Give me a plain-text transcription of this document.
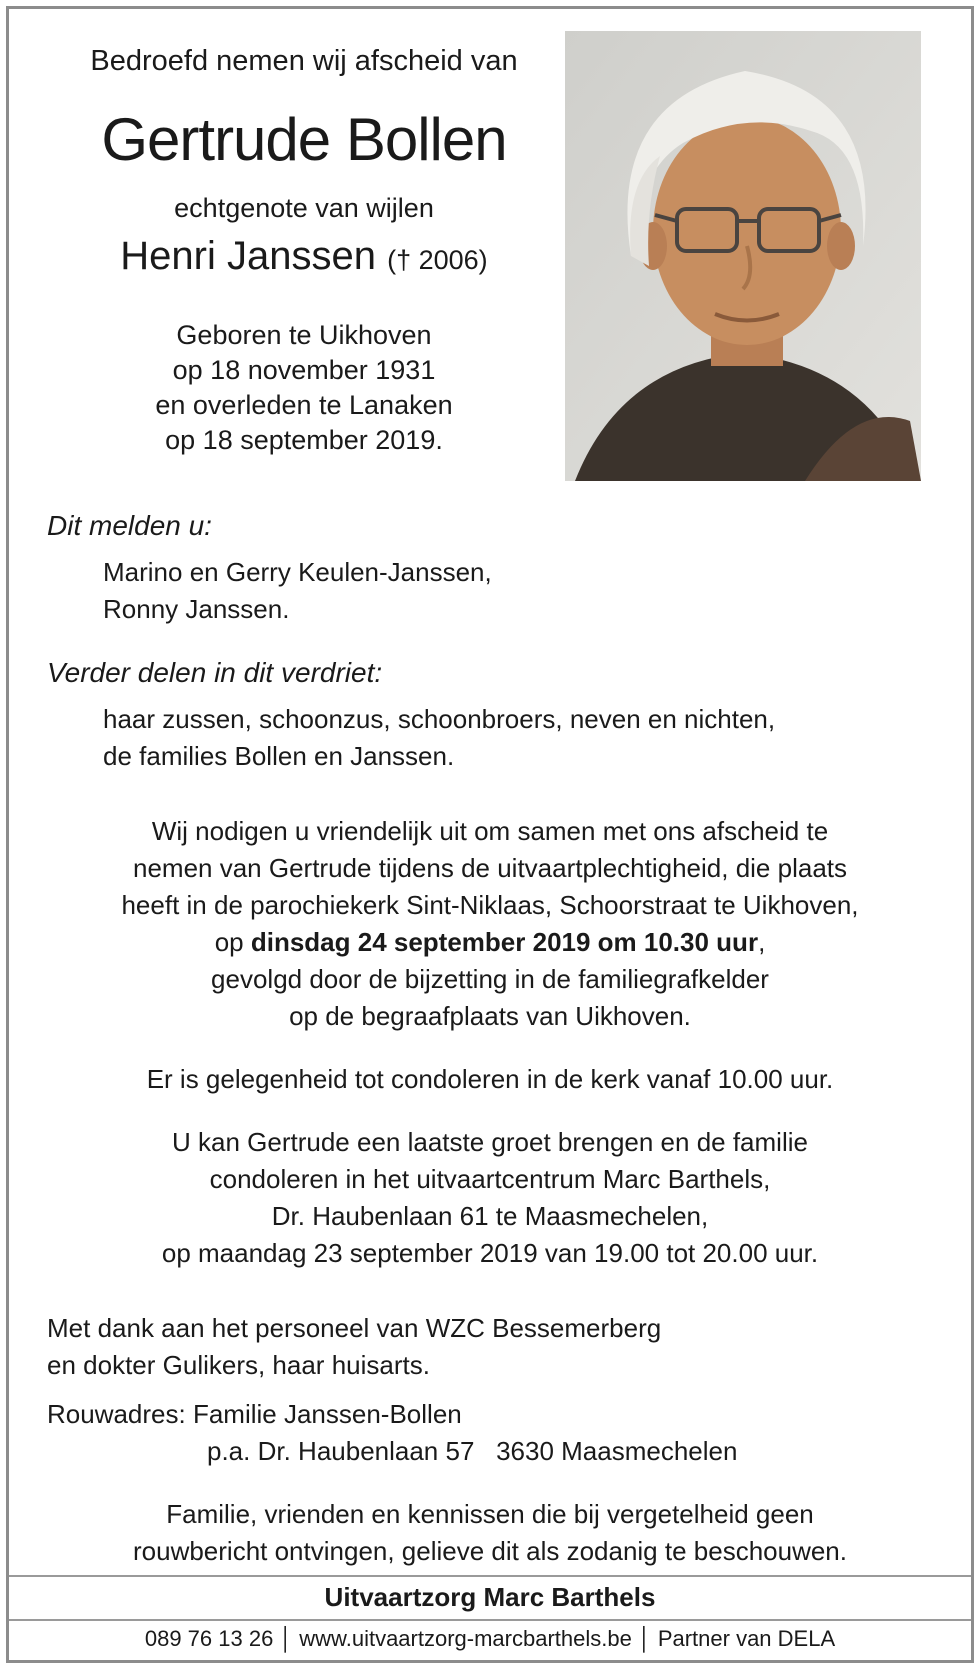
Bedroefd nemen wij afscheid van
Gertrude Bollen
echtgenote van wijlen
Henri Janssen († 2006)
Geboren te Uikhoven
op 18 november 1931
en overleden te Lanaken
op 18 september 2019.
Dit melden u:
Marino en Gerry Keulen-Janssen,
Ronny Janssen.
Verder delen in dit verdriet:
haar zussen, schoonzus, schoonbroers, neven en nichten,
de families Bollen en Janssen.
Wij nodigen u vriendelijk uit om samen met ons afscheid te
nemen van Gertrude tijdens de uitvaartplechtigheid, die plaats
heeft in de parochiekerk Sint-Niklaas, Schoorstraat te Uikhoven,
op dinsdag 24 september 2019 om 10.30 uur,
gevolgd door de bijzetting in de familiegrafkelder
op de begraafplaats van Uikhoven.
Er is gelegenheid tot condoleren in de kerk vanaf 10.00 uur.
U kan Gertrude een laatste groet brengen en de familie
condoleren in het uitvaartcentrum Marc Barthels,
Dr. Haubenlaan 61 te Maasmechelen,
op maandag 23 september 2019 van 19.00 tot 20.00 uur.
Met dank aan het personeel van WZC Bessemerberg
en dokter Gulikers, haar huisarts.
Rouwadres: Familie Janssen-Bollen
p.a. Dr. Haubenlaan 57   3630 Maasmechelen
Familie, vrienden en kennissen die bij vergetelheid geen
rouwbericht ontvingen, gelieve dit als zodanig te beschouwen.
Uitvaartzorg Marc Barthels
089 76 13 26 │ www.uitvaartzorg-marcbarthels.be │ Partner van DELA
